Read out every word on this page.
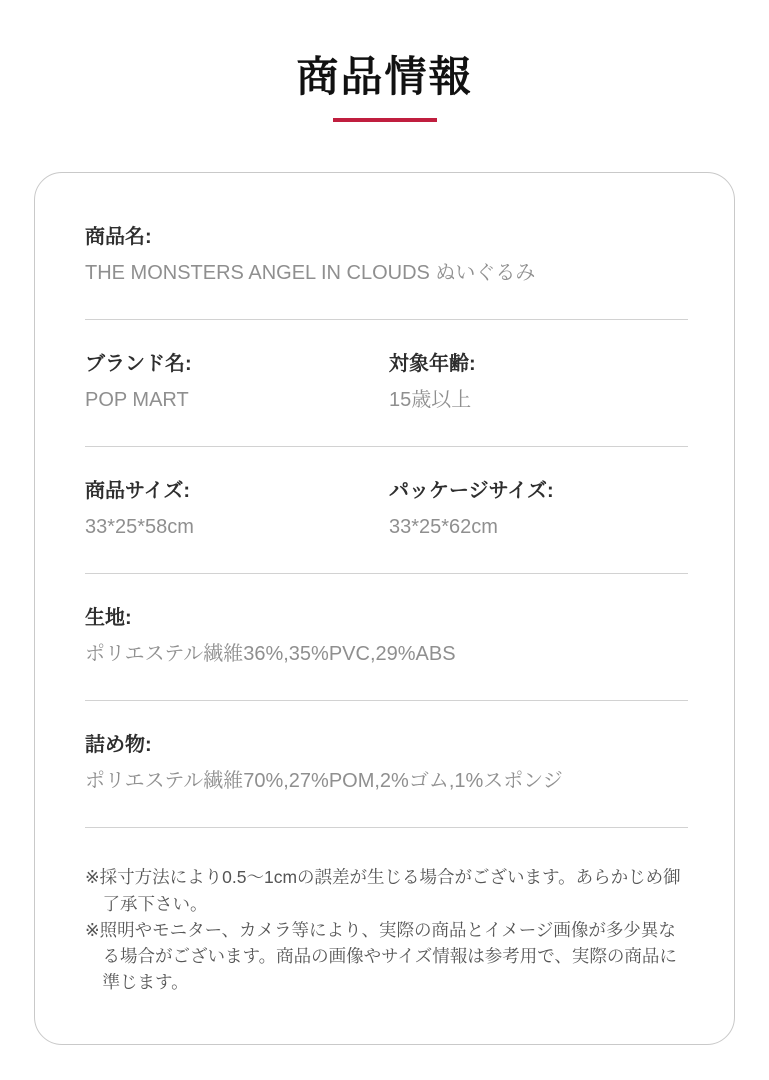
商品情報
商品名:
THE MONSTERS ANGEL IN CLOUDS ぬいぐるみ
ブランド名:
POP MART
対象年齢:
15歳以上
商品サイズ:
33*25*58cm
パッケージサイズ:
33*25*62cm
生地:
ポリエステル繊維36%,35%PVC,29%ABS
詰め物:
ポリエステル繊維70%,27%POM,2%ゴム,1%スポンジ

※採寸方法により0.5〜1cmの誤差が生じる場合がございます。あらかじめ御了承下さい。

※照明やモニター、カメラ等により、実際の商品とイメージ画像が多少異なる場合がございます。商品の画像やサイズ情報は参考用で、実際の商品に準じます。
